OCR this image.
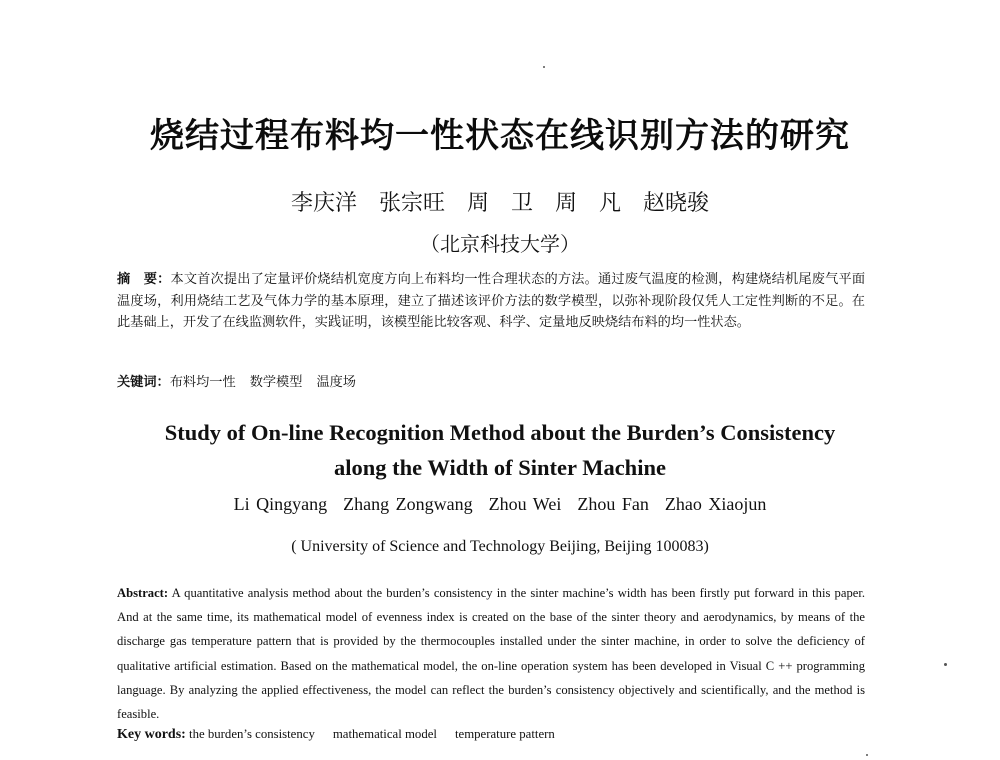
烧结过程布料均一性状态在线识别方法的研究
李庆洋　张宗旺　周　卫　周　凡　赵晓骏
（北京科技大学）
摘　要：本文首次提出了定量评价烧结机宽度方向上布料均一性合理状态的方法。通过废气温度的检测，构建烧结机尾废气平面温度场，利用烧结工艺及气体力学的基本原理，建立了描述该评价方法的数学模型，以弥补现阶段仅凭人工定性判断的不足。在此基础上，开发了在线监测软件，实践证明，该模型能比较客观、科学、定量地反映烧结布料的均一性状态。
关键词：布料均一性 数学模型 温度场
Study of On-line Recognition Method about the Burden’s Consistency
along the Width of Sinter Machine
Li Qingyang Zhang Zongwang Zhou Wei Zhou Fan Zhao Xiaojun
( University of Science and Technology Beijing, Beijing 100083)
Abstract: A quantitative analysis method about the burden’s consistency in the sinter machine’s width has been firstly put forward in this paper. And at the same time, its mathematical model of evenness index is created on the base of the sinter theory and aerodynamics, by means of the discharge gas temperature pattern that is provided by the thermocouples installed under the sinter machine, in order to solve the deficiency of qualitative artificial estimation. Based on the mathematical model, the on-line operation system has been developed in Visual C ++ programming language. By analyzing the applied effectiveness, the model can reflect the burden’s consistency objectively and scientifically, and the method is feasible.
Key words: the burden’s consistency mathematical model temperature pattern
